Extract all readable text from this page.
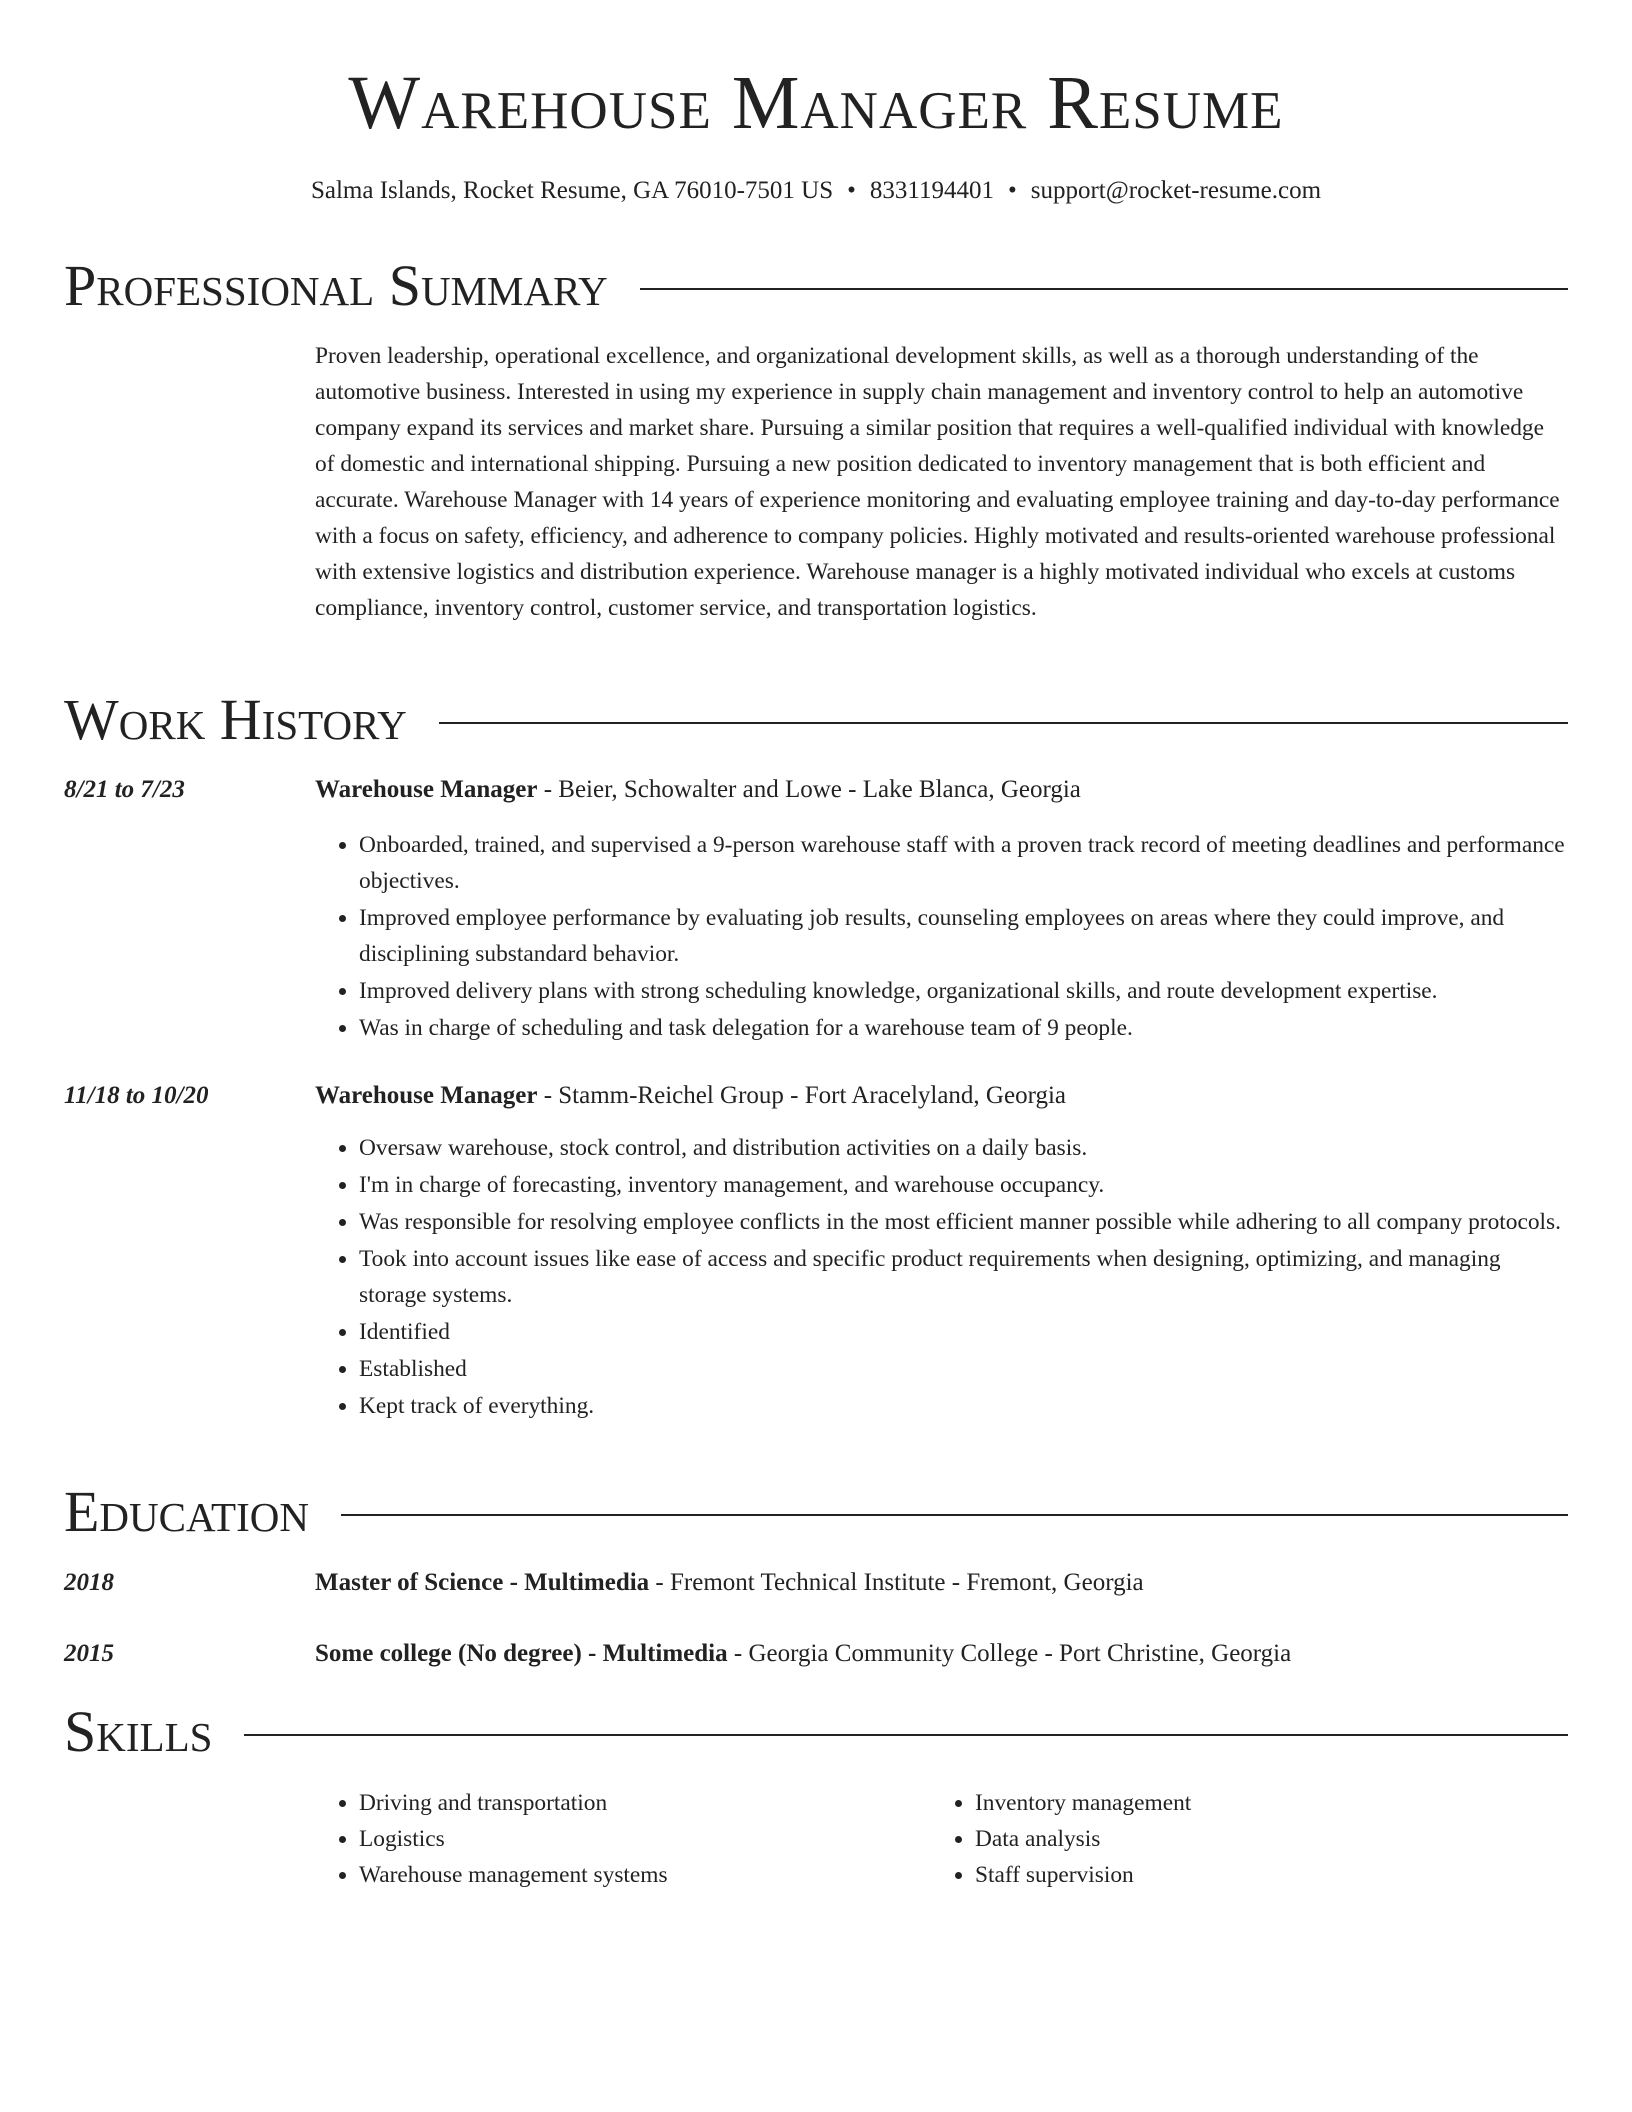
Warehouse Manager Resume
Salma Islands, Rocket Resume, GA 76010-7501 US • 8331194401 • support@rocket-resume.com
Professional Summary
Proven leadership, operational excellence, and organizational development skills, as well as a thorough understanding of the automotive business. Interested in using my experience in supply chain management and inventory control to help an automotive company expand its services and market share. Pursuing a similar position that requires a well-qualified individual with knowledge of domestic and international shipping. Pursuing a new position dedicated to inventory management that is both efficient and accurate. Warehouse Manager with 14 years of experience monitoring and evaluating employee training and day-to-day performance with a focus on safety, efficiency, and adherence to company policies. Highly motivated and results-oriented warehouse professional with extensive logistics and distribution experience. Warehouse manager is a highly motivated individual who excels at customs compliance, inventory control, customer service, and transportation logistics.
Work History
8/21 to 7/23	Warehouse Manager - Beier, Schowalter and Lowe - Lake Blanca, Georgia
• Onboarded, trained, and supervised a 9-person warehouse staff with a proven track record of meeting deadlines and performance objectives.
• Improved employee performance by evaluating job results, counseling employees on areas where they could improve, and disciplining substandard behavior.
• Improved delivery plans with strong scheduling knowledge, organizational skills, and route development expertise.
• Was in charge of scheduling and task delegation for a warehouse team of 9 people.
11/18 to 10/20	Warehouse Manager - Stamm-Reichel Group - Fort Aracelyland, Georgia
• Oversaw warehouse, stock control, and distribution activities on a daily basis.
• I'm in charge of forecasting, inventory management, and warehouse occupancy.
• Was responsible for resolving employee conflicts in the most efficient manner possible while adhering to all company protocols.
• Took into account issues like ease of access and specific product requirements when designing, optimizing, and managing storage systems.
• Identified
• Established
• Kept track of everything.
Education
2018	Master of Science - Multimedia - Fremont Technical Institute - Fremont, Georgia
2015	Some college (No degree) - Multimedia - Georgia Community College - Port Christine, Georgia
Skills
• Driving and transportation
• Logistics
• Warehouse management systems
• Inventory management
• Data analysis
• Staff supervision
